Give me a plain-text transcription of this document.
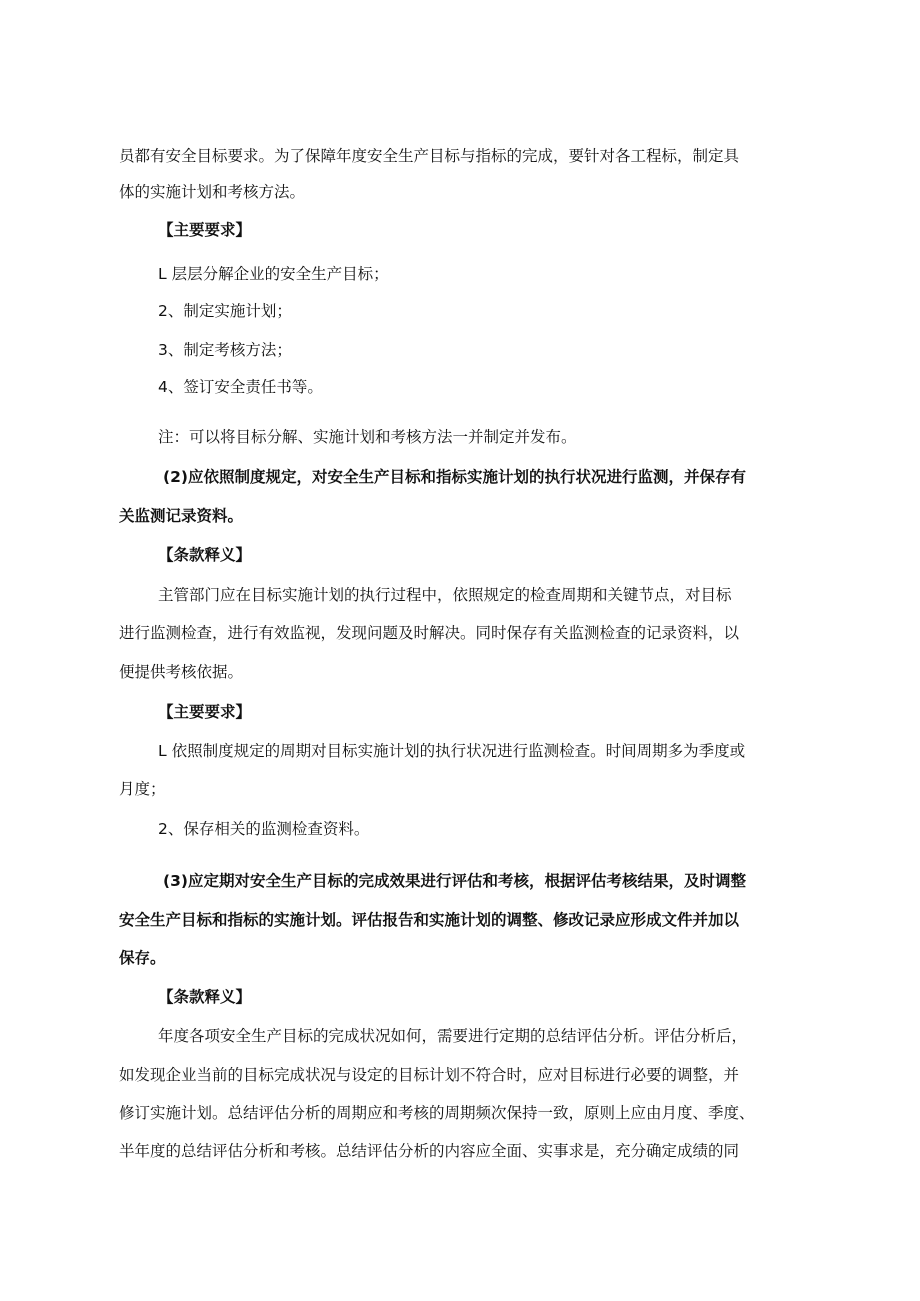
员都有安全目标要求。为了保障年度安全生产目标与指标的完成，要针对各工程标，制定具

体的实施计划和考核方法。

【主要要求】

L 层层分解企业的安全生产目标；

2、制定实施计划；

3、制定考核方法；

4、签订安全责任书等。

注：可以将目标分解、实施计划和考核方法一并制定并发布。

(2)应依照制度规定，对安全生产目标和指标实施计划的执行状况进行监测，并保存有

关监测记录资料。

【条款释义】

主管部门应在目标实施计划的执行过程中，依照规定的检查周期和关键节点，对目标

进行监测检查，进行有效监视，发现问题及时解决。同时保存有关监测检查的记录资料，以

便提供考核依据。

【主要要求】

L 依照制度规定的周期对目标实施计划的执行状况进行监测检查。时间周期多为季度或

月度；

2、保存相关的监测检查资料。

(3)应定期对安全生产目标的完成效果进行评估和考核，根据评估考核结果，及时调整

安全生产目标和指标的实施计划。评估报告和实施计划的调整、修改记录应形成文件并加以

保存。

【条款释义】

年度各项安全生产目标的完成状况如何，需要进行定期的总结评估分析。评估分析后，

如发现企业当前的目标完成状况与设定的目标计划不符合时，应对目标进行必要的调整，并

修订实施计划。总结评估分析的周期应和考核的周期频次保持一致，原则上应由月度、季度、

半年度的总结评估分析和考核。总结评估分析的内容应全面、实事求是，充分确定成绩的同
